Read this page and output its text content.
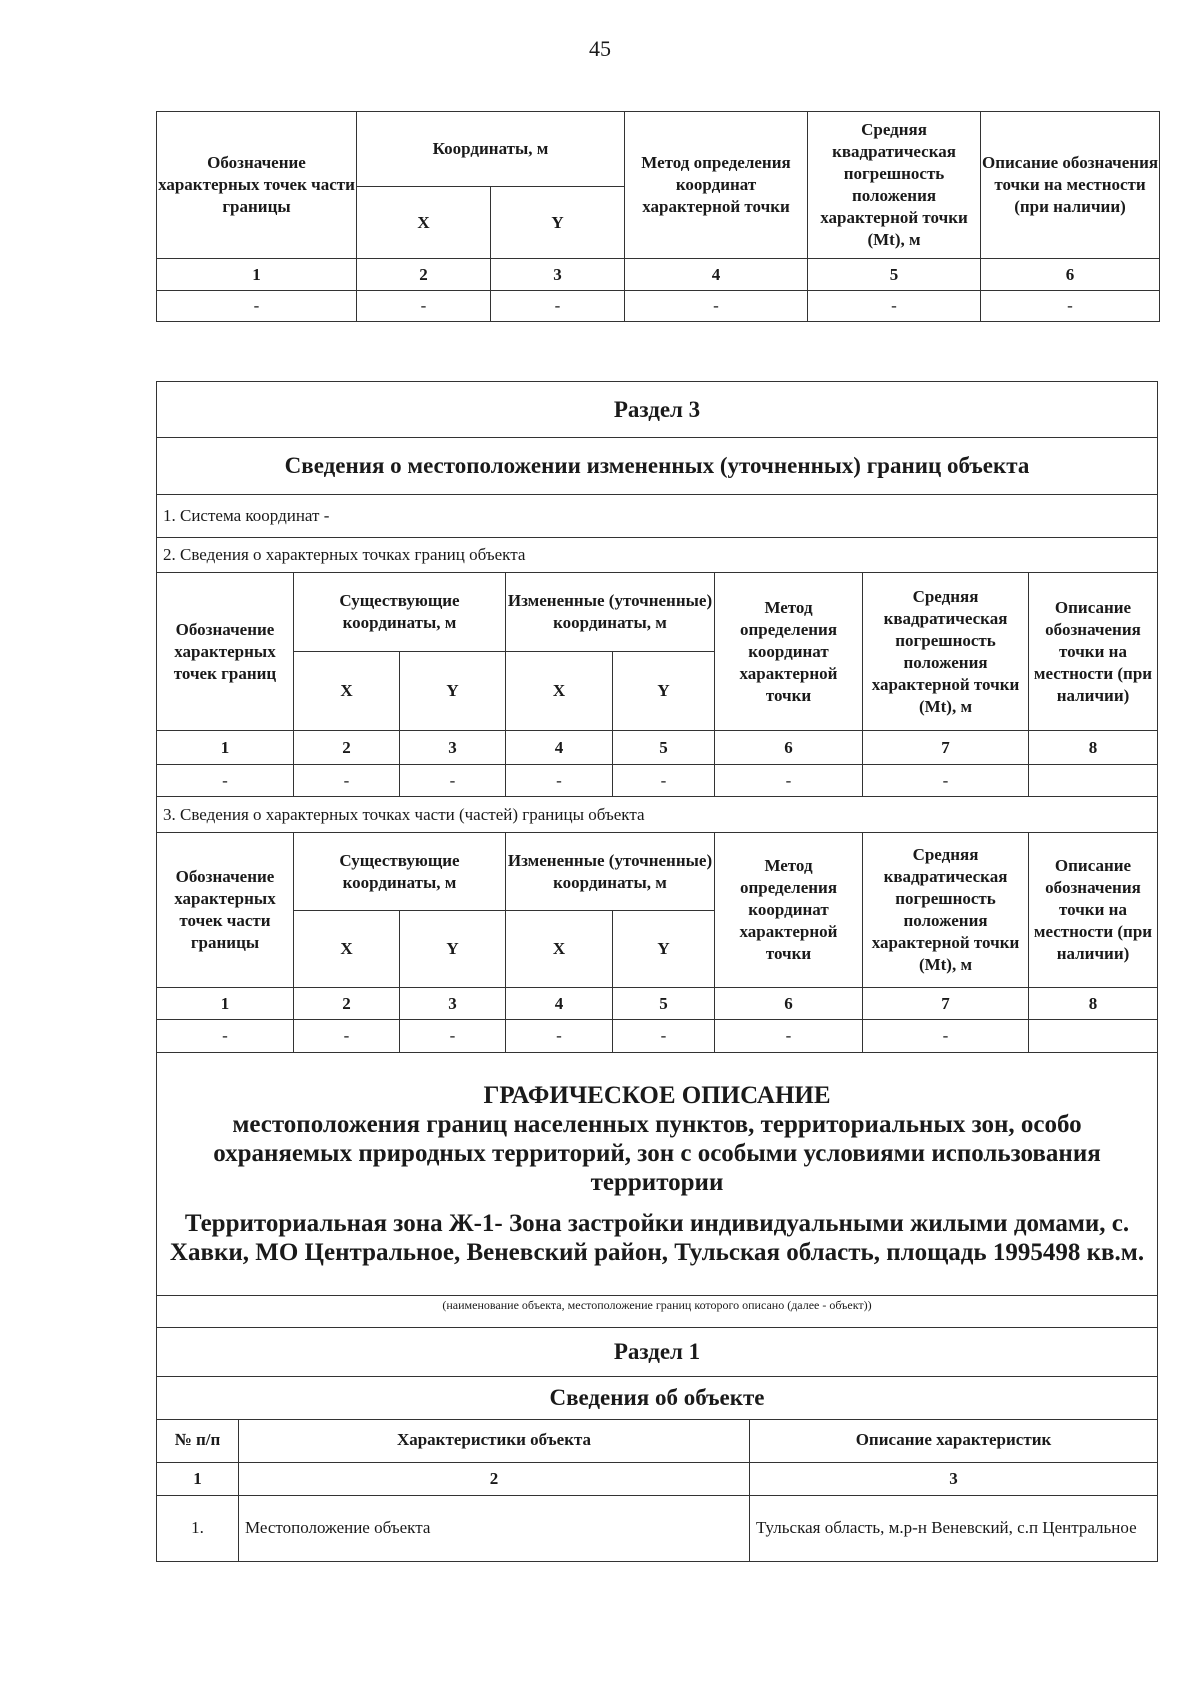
45
Обозначение характерных точек части границы	Координаты, м		Метод определения координат характерной точки	Средняя квадратическая погрешность положения характерной точки (Mt), м	Описание обозначения точки на местности (при наличии)
	X	Y			
1	2	3	4	5	6
-	-	-	-	-	-
Раздел 3							
Сведения о местоположении измененных (уточненных) границ объекта							
1. Система координат -							
2. Сведения о характерных точках границ объекта							
Обозначение характерных точек границ	Существующие координаты, м		Измененные (уточненные) координаты, м		Метод определения координат характерной точки	Средняя квадратическая погрешность положения характерной точки (Mt), м	Описание обозначения точки на местности (при наличии)
	X	Y	X	Y			
1	2	3	4	5	6	7	8
-	-	-	-	-	-	-	
3. Сведения о характерных точках части (частей) границы объекта							
Обозначение характерных точек части границы	Существующие координаты, м		Измененные (уточненные) координаты, м		Метод определения координат характерной точки	Средняя квадратическая погрешность положения характерной точки (Mt), м	Описание обозначения точки на местности (при наличии)
	X	Y	X	Y			
1	2	3	4	5	6	7	8
-	-	-	-	-	-	-	

ГРАФИЧЕСКОЕ ОПИСАНИЕ
местоположения границ населенных пунктов, территориальных зон, особо охраняемых природных территорий, зон с особыми условиями использования территории
Территориальная зона Ж-1- Зона застройки индивидуальными жилыми домами, с. Хавки, МО Центральное, Веневский район, Тульская область, площадь 1995498 кв.м.							

(наименование объекта, местоположение границ которого описано (далее - объект))							
Раздел 1							
Сведения об объекте							
№ п/п	Характеристики объекта	Описание характеристик
1	2	3
1.	Местоположение объекта	Тульская область, м.р-н Веневский, с.п Центральное
